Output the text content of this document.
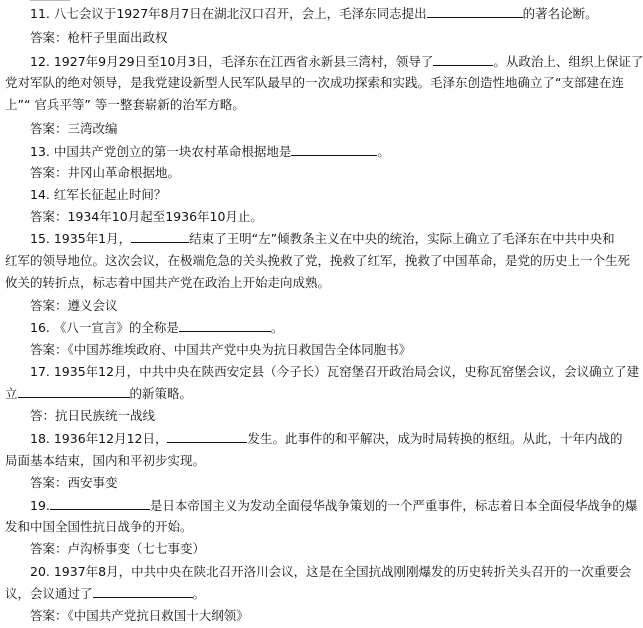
11. 八七会议于1927年8月7日在湖北汉口召开，会上，毛泽东同志提出	的著名论断。
答案：枪杆子里面出政权
12. 1927年9月29日至10月3日，毛泽东在江西省永新县三湾村，领导了	。从政治上、组织上保证了
党对军队的绝对领导，是我党建设新型人民军队最早的一次成功探索和实践。毛泽东创造性地确立了“支部建在连
上”“ 官兵平等” 等一整套崭新的治军方略。
答案：三湾改编
13. 中国共产党创立的第一块农村革命根据地是	。
答案：井冈山革命根据地。
14. 红军长征起止时间？
答案：1934年10月起至1936年10月止。
15. 1935年1月，	结束了王明“左”倾教条主义在中央的统治，实际上确立了毛泽东在中共中央和
红军的领导地位。这次会议，在极端危急的关头挽救了党，挽救了红军，挽救了中国革命，是党的历史上一个生死
攸关的转折点，标志着中国共产党在政治上开始走向成熟。
答案：遵义会议
16. 《八一宣言》的全称是	。
答案：《中国苏维埃政府、中国共产党中央为抗日救国告全体同胞书》
17. 1935年12月，中共中央在陕西安定县（今子长）瓦窑堡召开政治局会议，史称瓦窑堡会议，会议确立了建
立	的新策略。
答：抗日民族统一战线
18. 1936年12月12日，	发生。此事件的和平解决，成为时局转换的枢纽。从此，十年内战的
局面基本结束，国内和平初步实现。
答案：西安事变
19.	是日本帝国主义为发动全面侵华战争策划的一个严重事件，标志着日本全面侵华战争的爆
发和中国全国性抗日战争的开始。
答案：卢沟桥事变（七七事变）
20. 1937年8月，中共中央在陕北召开洛川会议，这是在全国抗战刚刚爆发的历史转折关头召开的一次重要会
议，会议通过了	。
答案：《中国共产党抗日救国十大纲领》
